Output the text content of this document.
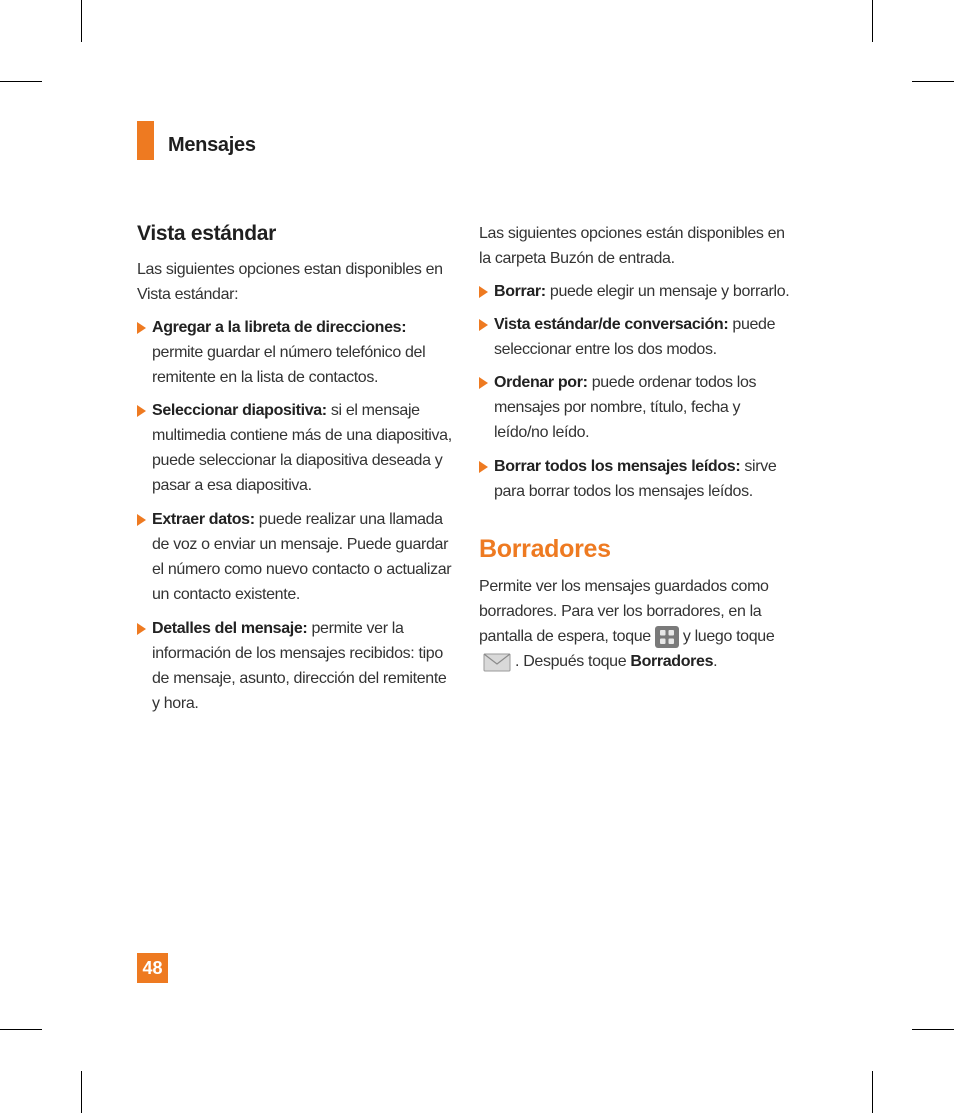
Mensajes
Vista estándar

Las siguientes opciones estan disponibles en Vista estándar:

Agregar a la libreta de direcciones: permite guardar el número telefónico del remitente en la lista de contactos.
Seleccionar diapositiva: si el mensaje multimedia contiene más de una diapositiva, puede seleccionar la diapositiva deseada y pasar a esa diapositiva.
Extraer datos: puede realizar una llamada de voz o enviar un mensaje. Puede guardar el número como nuevo contacto o actualizar un contacto existente.
Detalles del mensaje: permite ver la información de los mensajes recibidos: tipo de mensaje, asunto, dirección del remitente y hora.

Las siguientes opciones están disponibles en la carpeta Buzón de entrada.

Borrar: puede elegir un mensaje y borrarlo.
Vista estándar/de conversación: puede seleccionar entre los dos modos.
Ordenar por: puede ordenar todos los mensajes por nombre, título, fecha y leído/no leído.
Borrar todos los mensajes leídos: sirve para borrar todos los mensajes leídos.
Borradores

Permite ver los mensajes guardados como borradores. Para ver los borradores, en la pantalla de espera, toque y luego toque
. Después toque Borradores.

48
